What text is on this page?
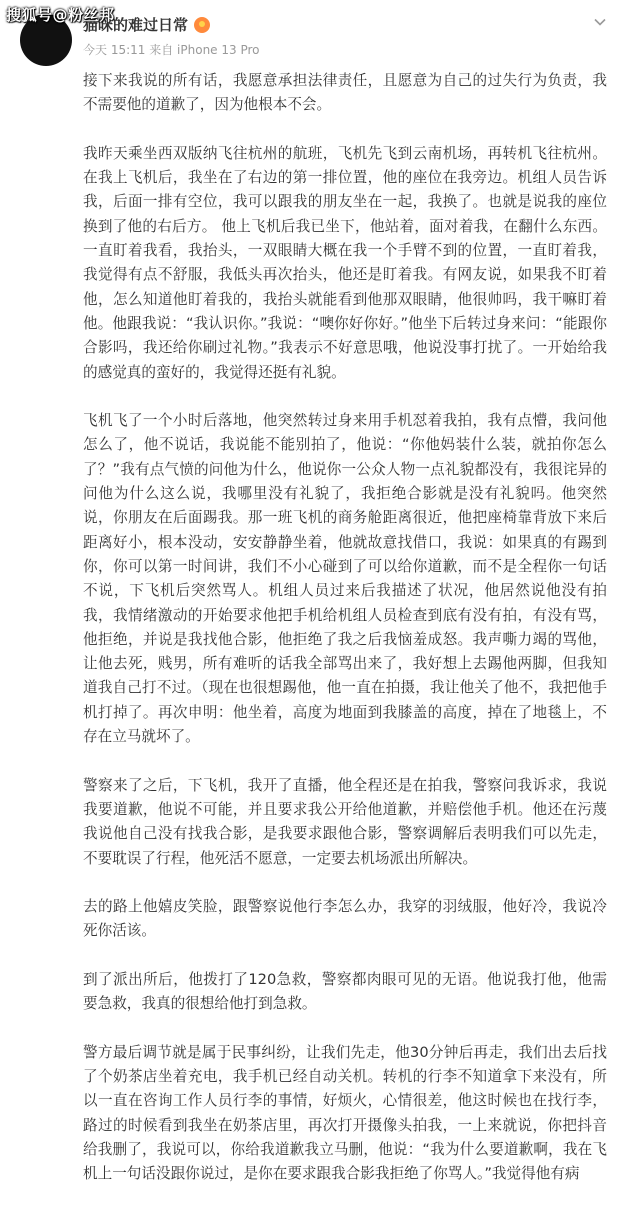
搜狐号@粉丝邦
猫咪的难过日常
今天 15:11 来自 iPhone 13 Pro

接下来我说的所有话，我愿意承担法律责任，且愿意为自己的过失行为负责，我不需要他的道歉了，因为他根本不会。

我昨天乘坐西双版纳飞往杭州的航班，飞机先飞到云南机场，再转机飞往杭州。在我上飞机后，我坐在了右边的第一排位置，他的座位在我旁边。机组人员告诉我，后面一排有空位，我可以跟我的朋友坐在一起，我换了。也就是说我的座位换到了他的右后方。 他上飞机后我已坐下，他站着，面对着我，在翻什么东西。一直盯着我看，我抬头，一双眼睛大概在我一个手臂不到的位置，一直盯着我，我觉得有点不舒服，我低头再次抬头，他还是盯着我。有网友说，如果我不盯着他，怎么知道他盯着我的，我抬头就能看到他那双眼睛，他很帅吗，我干嘛盯着他。他跟我说：“我认识你。”我说：“噢你好你好。”他坐下后转过身来问：“能跟你合影吗，我还给你刷过礼物。”我表示不好意思哦，他说没事打扰了。一开始给我的感觉真的蛮好的，我觉得还挺有礼貌。

飞机飞了一个小时后落地，他突然转过身来用手机怼着我拍，我有点懵，我问他怎么了，他不说话，我说能不能别拍了，他说：“你他妈装什么装，就拍你怎么了？”我有点气愤的问他为什么，他说你一公众人物一点礼貌都没有，我很诧异的问他为什么这么说，我哪里没有礼貌了，我拒绝合影就是没有礼貌吗。他突然说，你朋友在后面踢我。那一班飞机的商务舱距离很近，他把座椅靠背放下来后距离好小，根本没动，安安静静坐着，他就故意找借口，我说：如果真的有踢到你，你可以第一时间讲，我们不小心碰到了可以给你道歉，而不是全程你一句话不说，下飞机后突然骂人。机组人员过来后我描述了状况，他居然说他没有拍我，我情绪激动的开始要求他把手机给机组人员检查到底有没有拍，有没有骂，他拒绝，并说是我找他合影，他拒绝了我之后我恼羞成怒。我声嘶力竭的骂他，让他去死，贱男，所有难听的话我全部骂出来了，我好想上去踢他两脚，但我知道我自己打不过。（现在也很想踢他，他一直在拍摄，我让他关了他不，我把他手机打掉了。再次申明：他坐着，高度为地面到我膝盖的高度，掉在了地毯上，不存在立马就坏了。

警察来了之后，下飞机，我开了直播，他全程还是在拍我，警察问我诉求，我说我要道歉，他说不可能，并且要求我公开给他道歉，并赔偿他手机。他还在污蔑我说他自己没有找我合影，是我要求跟他合影，警察调解后表明我们可以先走，不要耽误了行程，他死活不愿意，一定要去机场派出所解决。

去的路上他嬉皮笑脸，跟警察说他行李怎么办，我穿的羽绒服，他好冷，我说冷死你活该。

到了派出所后，他拨打了120急救，警察都肉眼可见的无语。他说我打他，他需要急救，我真的很想给他打到急救。

警方最后调节就是属于民事纠纷，让我们先走，他30分钟后再走，我们出去后找了个奶茶店坐着充电，我手机已经自动关机。转机的行李不知道拿下来没有，所以一直在咨询工作人员行李的事情，好烦火，心情很差，他这时候也在找行李，路过的时候看到我坐在奶茶店里，再次打开摄像头拍我，一上来就说，你把抖音给我删了，我说可以，你给我道歉我立马删，他说：“我为什么要道歉啊，我在飞机上一句话没跟你说过，是你在要求跟我合影我拒绝了你骂人。”我觉得他有病
